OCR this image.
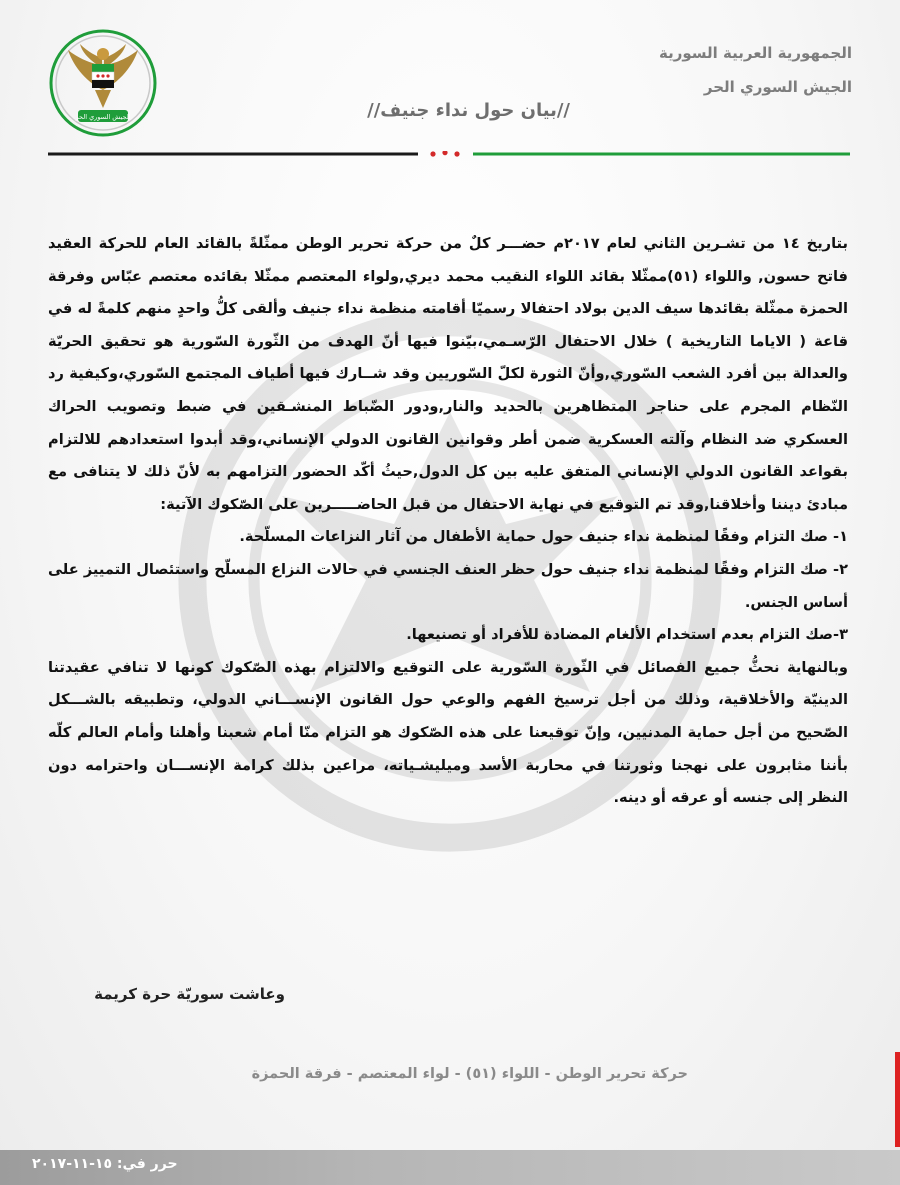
الجيش السوري الحر
الجمهورية العربية السورية
الجيش السوري الحر
//بيان حول نداء جنيف//

بتاريخ ١٤ من تشـرين الثاني لعام ٢٠١٧م حضـــر كلٌ من حركة تحرير الوطن ممثّلةً بالقائد العام للحركة العقيد فاتح حسون, واللواء (٥١)ممثّلا بقائد اللواء النقيب محمد ديري,ولواء المعتصم ممثّلا بقائده معتصم عبّاس وفرقة الحمزة ممثّلة بقائدها سيف الدين بولاد احتفالا رسميّا أقامته منظمة نداء جنيف وألقى كلُّ واحدٍ منهم كلمةً له في قاعة ( الاياما التاريخية ) خلال الاحتفال الرّسـمي،بيّنوا فيها أنّ الهدف من الثّورة السّورية هو تحقيق الحريّة والعدالة بين أفرد الشعب السّوري,وأنّ الثورة لكلّ السّوريين وقد شــارك فيها أطياف المجتمع السّوري،وكيفية رد النّظام المجرم على حناجر المتظاهرين بالحديد والنار,ودور الضّباط المنشـقين في ضبط وتصويب الحراك العسكري ضد النظام وآلته العسكرية ضمن أطر وقوانين القانون الدولي الإنساني،وقد أبدوا استعدادهم للالتزام بقواعد القانون الدولي الإنساني المتفق عليه بين كل الدول,حيثُ أكّد الحضور التزامهم به لأنّ ذلك لا يتنافى مع مبادئ ديننا وأخلاقنا,وقد تم التوقيع في نهاية الاحتفال من قبل الحاضـــــرين على الصّكوك الآتية:

١- صك التزام وفقًا لمنظمة نداء جنيف حول حماية الأطفال من آثار النزاعات المسلّحة.

٢- صك التزام وفقًا لمنظمة نداء جنيف حول حظر العنف الجنسي في حالات النزاع المسلّح واستئصال التمييز على أساس الجنس.

٣-صك التزام بعدم استخدام الألغام المضادة للأفراد أو تصنيعها.

وبالنهاية نحثُّ جميع الفصائل في الثّورة السّورية على التوقيع والالتزام بهذه الصّكوك كونها لا تنافي عقيدتنا الدينيّة والأخلاقية، وذلك من أجل ترسيخ الفهم والوعي حول القانون الإنســـاني الدولي، وتطبيقه بالشـــكل الصّحيح من أجل حماية المدنيين، وإنّ توقيعنا على هذه الصّكوك هو التزام منّا أمام شعبنا وأهلنا وأمام العالم كلّه بأننا مثابرون على نهجنا وثورتنا في محاربة الأسد وميليشـياته، مراعين بذلك كرامة الإنســـان واحترامه دون النظر إلى جنسه أو عرقه أو دينه.

وعاشت سوريّة حرة كريمة
حركة تحرير الوطن - اللواء (٥١) - لواء المعتصم - فرقة الحمزة
حرر في: ١٥-١١-٢٠١٧
